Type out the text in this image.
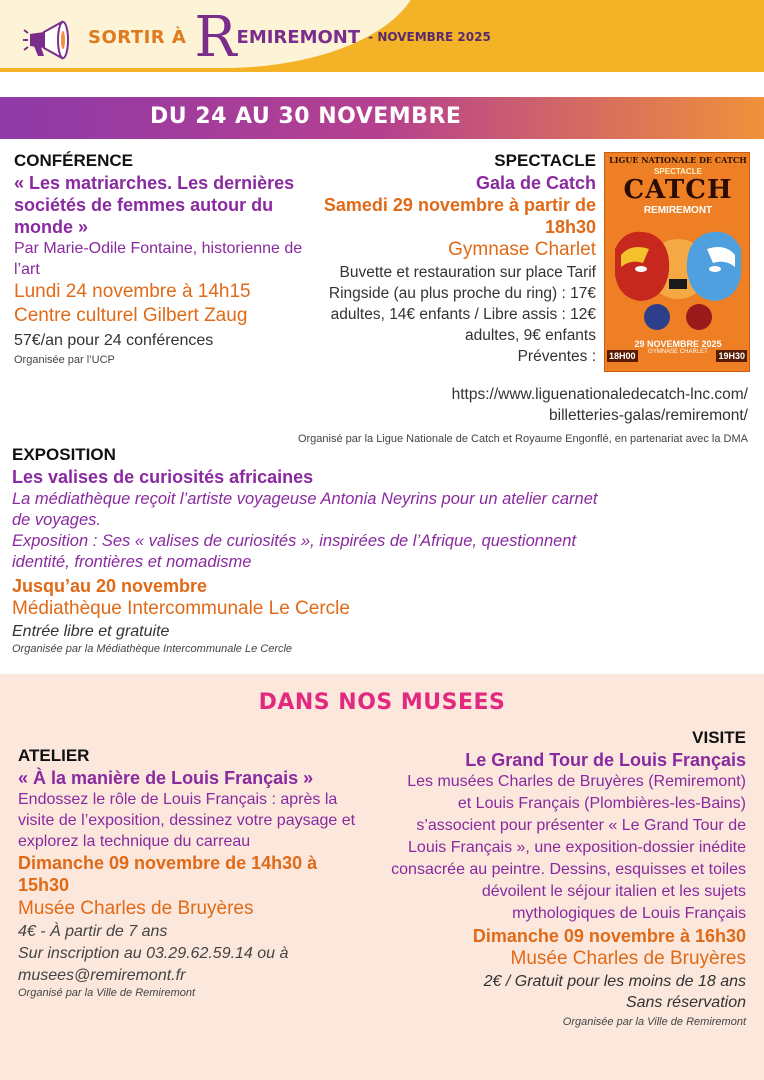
SORTIR À R EMIREMONT - NOVEMBRE 2025
DU 24 AU 30 NOVEMBRE
CONFÉRENCE
« Les matriarches. Les dernières sociétés de femmes autour du monde »
Par Marie-Odile Fontaine, historienne de l’art
Lundi 24 novembre à 14h15
Centre culturel Gilbert Zaug
57€/an pour 24 conférences
Organisée par l’UCP
SPECTACLE
Gala de Catch
Samedi 29 novembre à partir de 18h30
Gymnase Charlet
Buvette et restauration sur place Tarif Ringside (au plus proche du ring) : 17€ adultes, 14€ enfants / Libre assis : 12€ adultes, 9€ enfants
Préventes :
https://www.liguenationaledecatch-lnc.com/
billetteries-galas/remiremont/
Organisé par la Ligue Nationale de Catch et Royaume Engonflé, en partenariat avec la DMA
LIGUE NATIONALE DE CATCH
SPECTACLE
CATCH
REMIREMONT
29 NOVEMBRE 2025
18H00	GYMNASE CHARLET	19H30
EXPOSITION
Les valises de curiosités africaines
La médiathèque reçoit l’artiste voyageuse Antonia Neyrins pour un atelier carnet de voyages.
Exposition : Ses « valises de curiosités », inspirées de l’Afrique, questionnent identité, frontières et nomadisme
Jusqu’au 20 novembre
Médiathèque Intercommunale Le Cercle
Entrée libre et gratuite
Organisée par la Médiathèque Intercommunale Le Cercle
DANS NOS MUSEES
ATELIER
« À la manière de Louis Français »
Endossez le rôle de Louis Français : après la visite de l’exposition, dessinez votre paysage et explorez la technique du carreau
Dimanche 09 novembre de 14h30 à 15h30
Musée Charles de Bruyères
4€ - À partir de 7 ans
Sur inscription au 03.29.62.59.14 ou à musees@remiremont.fr
Organisé par la Ville de Remiremont
VISITE
Le Grand Tour de Louis Français
Les musées Charles de Bruyères (Remiremont) et Louis Français (Plombières-les-Bains) s’associent pour présenter « Le Grand Tour de Louis Français », une exposition-dossier inédite consacrée au peintre. Dessins, esquisses et toiles dévoilent le séjour italien et les sujets mythologiques de Louis Français
Dimanche 09 novembre à 16h30
Musée Charles de Bruyères
2€ / Gratuit pour les moins de 18 ans
Sans réservation
Organisée par la Ville de Remiremont
